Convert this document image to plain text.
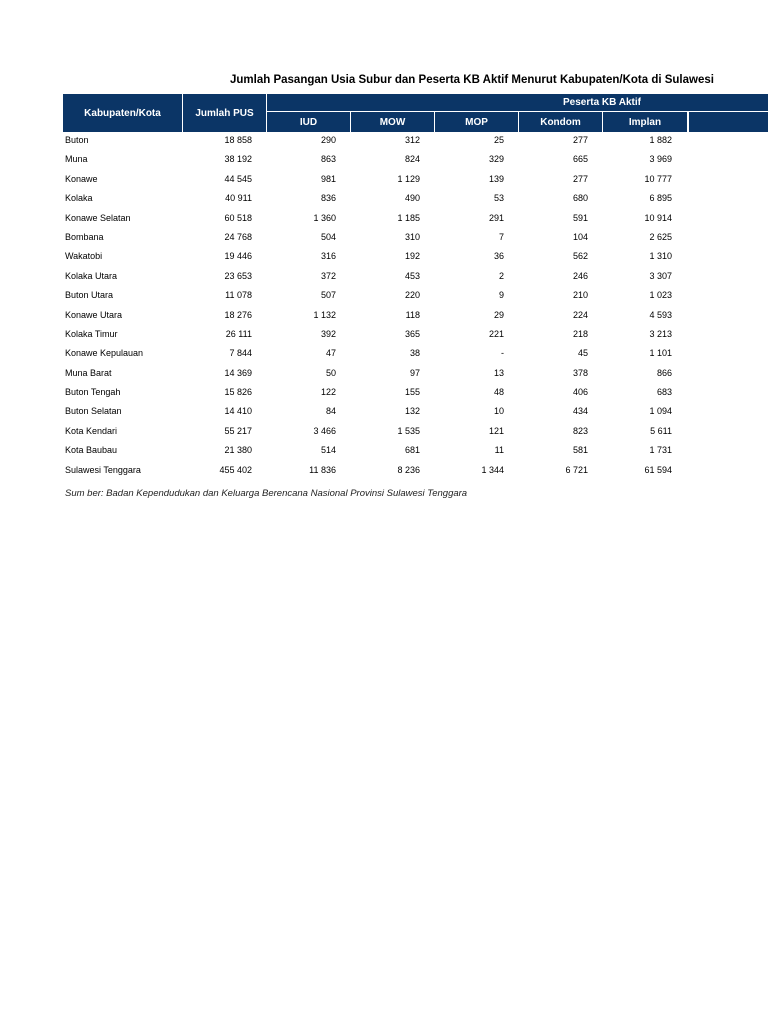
Jumlah Pasangan Usia Subur dan Peserta KB Aktif Menurut Kabupaten/Kota di Sulawesi
Kabupaten/Kota	Jumlah PUS
Peserta KB Aktif
IUD	MOW	MOP	Kondom	Implan
Buton	18 858	290	312	25	277	1 882
Muna	38 192	863	824	329	665	3 969
Konawe	44 545	981	1 129	139	277	10 777
Kolaka	40 911	836	490	53	680	6 895
Konawe Selatan	60 518	1 360	1 185	291	591	10 914
Bombana	24 768	504	310	7	104	2 625
Wakatobi	19 446	316	192	36	562	1 310
Kolaka Utara	23 653	372	453	2	246	3 307
Buton Utara	11 078	507	220	9	210	1 023
Konawe Utara	18 276	1 132	118	29	224	4 593
Kolaka Timur	26 111	392	365	221	218	3 213
Konawe Kepulauan	7 844	47	38	-	45	1 101
Muna Barat	14 369	50	97	13	378	866
Buton Tengah	15 826	122	155	48	406	683
Buton Selatan	14 410	84	132	10	434	1 094
Kota Kendari	55 217	3 466	1 535	121	823	5 611
Kota Baubau	21 380	514	681	11	581	1 731
Sulawesi Tenggara	455 402	11 836	8 236	1 344	6 721	61 594
Sum ber: Badan Kependudukan dan Keluarga Berencana Nasional Provinsi Sulawesi Tenggara
